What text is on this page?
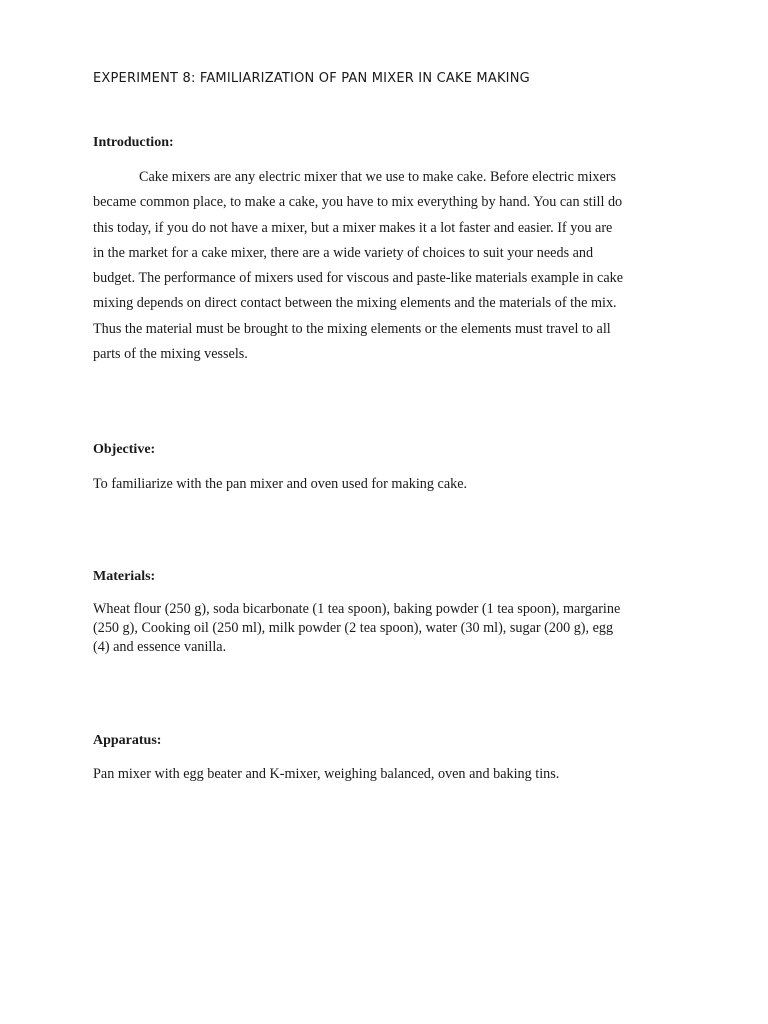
EXPERIMENT 8: FAMILIARIZATION OF PAN MIXER IN CAKE MAKING
Introduction:
Cake mixers are any electric mixer that we use to make cake. Before electric mixers
became common place, to make a cake, you have to mix everything by hand. You can still do
this today, if you do not have a mixer, but a mixer makes it a lot faster and easier. If you are
in the market for a cake mixer, there are a wide variety of choices to suit your needs and
budget. The performance of mixers used for viscous and paste-like materials example in cake
mixing depends on direct contact between the mixing elements and the materials of the mix.
Thus the material must be brought to the mixing elements or the elements must travel to all
parts of the mixing vessels.
Objective:
To familiarize with the pan mixer and oven used for making cake.
Materials:
Wheat flour (250 g), soda bicarbonate (1 tea spoon), baking powder (1 tea spoon), margarine
(250 g), Cooking oil (250 ml), milk powder (2 tea spoon), water (30 ml), sugar (200 g), egg
(4) and essence vanilla.
Apparatus:
Pan mixer with egg beater and K-mixer, weighing balanced, oven and baking tins.
